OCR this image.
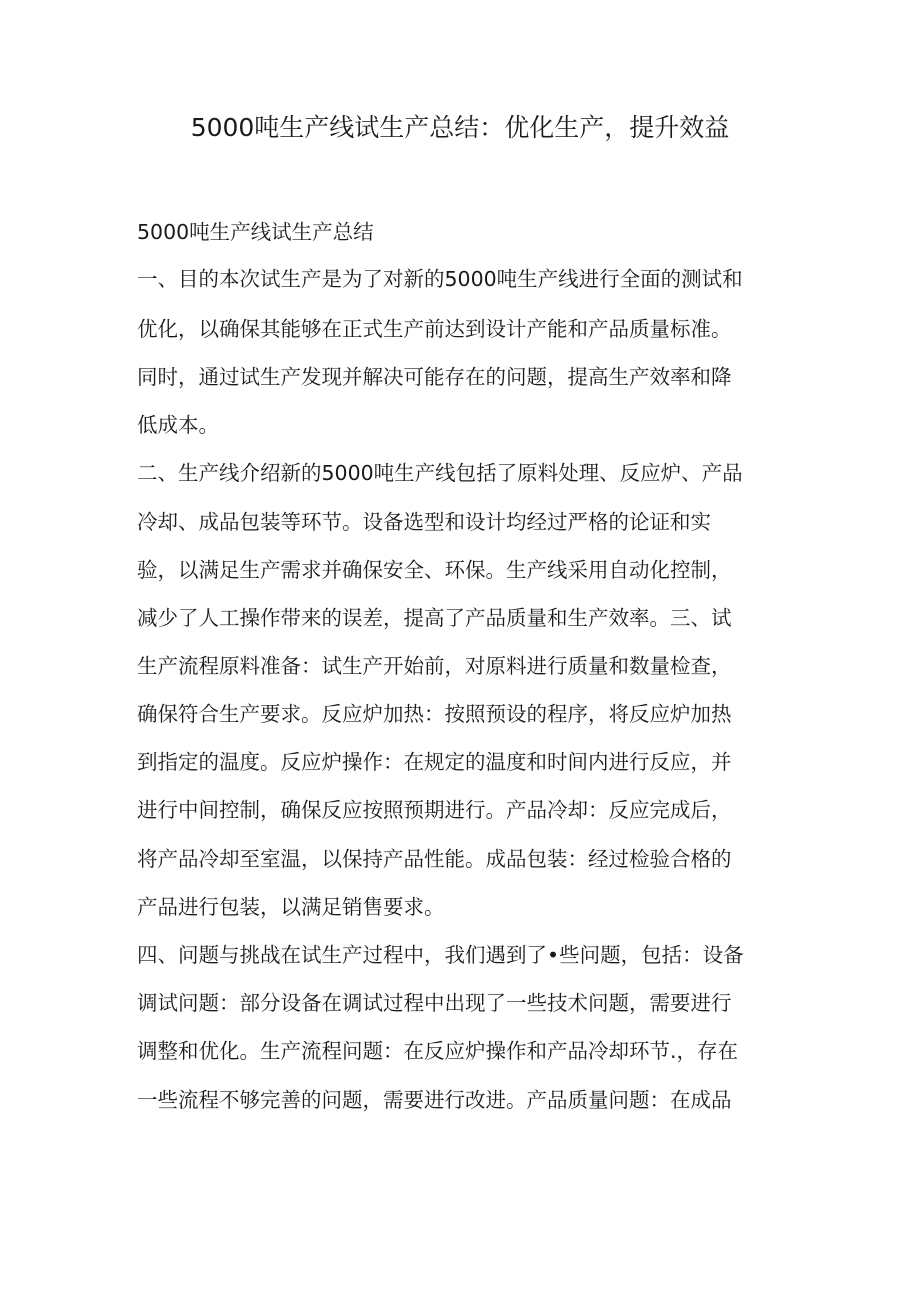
5000吨生产线试生产总结：优化生产，提升效益
5000吨生产线试生产总结
一、目的本次试生产是为了对新的5000吨生产线进行全面的测试和
优化，以确保其能够在正式生产前达到设计产能和产品质量标准。
同时，通过试生产发现并解决可能存在的问题，提高生产效率和降
低成本。
二、生产线介绍新的5000吨生产线包括了原料处理、反应炉、产品
冷却、成品包装等环节。设备选型和设计均经过严格的论证和实
验，以满足生产需求并确保安全、环保。生产线采用自动化控制，
减少了人工操作带来的误差，提高了产品质量和生产效率。三、试
生产流程原料准备：试生产开始前，对原料进行质量和数量检查，
确保符合生产要求。反应炉加热：按照预设的程序，将反应炉加热
到指定的温度。反应炉操作：在规定的温度和时间内进行反应，并
进行中间控制，确保反应按照预期进行。产品冷却：反应完成后，
将产品冷却至室温，以保持产品性能。成品包装：经过检验合格的
产品进行包装，以满足销售要求。
四、问题与挑战在试生产过程中，我们遇到了•些问题，包括：设备
调试问题：部分设备在调试过程中出现了一些技术问题，需要进行
调整和优化。生产流程问题：在反应炉操作和产品冷却环节.，存在
一些流程不够完善的问题，需要进行改进。产品质量问题：在成品
